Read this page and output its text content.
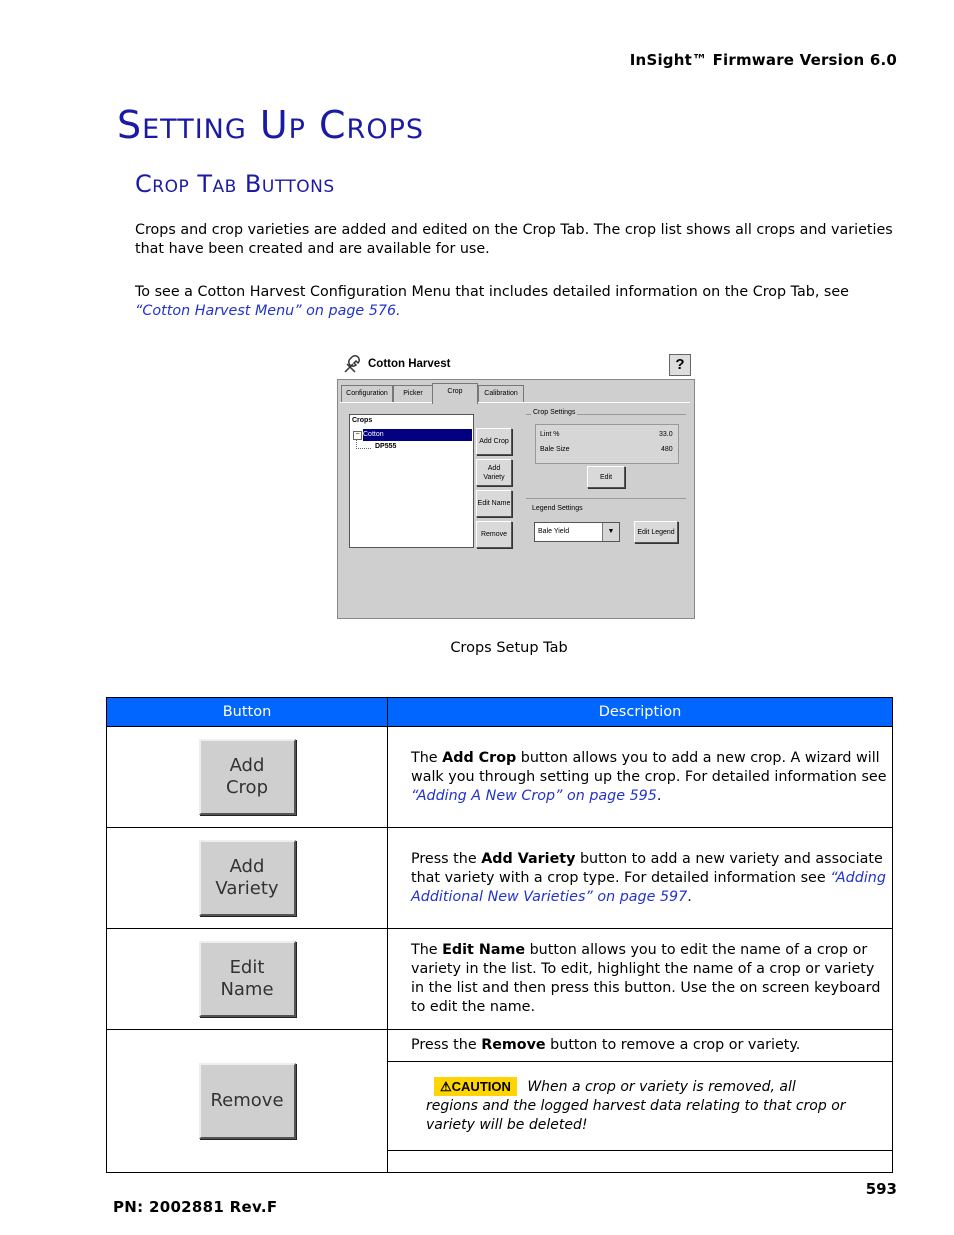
InSight™ Firmware Version 6.0
Setting Up Crops
Crop Tab Buttons
Crops and crop varieties are added and edited on the Crop Tab. The crop list shows all crops and varieties that have been created and are available for use.
To see a Cotton Harvest Configuration Menu that includes detailed information on the Crop Tab, see
“Cotton Harvest Menu” on page 576.
Cotton Harvest	?
Configuration	Picker	Crop	Calibration
Crops
Cotton
−
DP555
Add Crop
Add Variety
Edit Name
Remove
Crop Settings
Lint %	33.0
Bale Size	480
Edit
Legend Settings
Bale Yield	▼	Edit Legend
Crops Setup Tab
Button	Description
Add
Crop	The Add Crop button allows you to add a new crop. A wizard will walk you through setting up the crop. For detailed information see “Adding A New Crop” on page 595.
Add
Variety	Press the Add Variety button to add a new variety and associate that variety with a crop type. For detailed information see “Adding Additional New Varieties” on page 597.
Edit
Name	The Edit Name button allows you to edit the name of a crop or variety in the list. To edit, highlight the name of a crop or variety in the list and then press this button. Use the on screen keyboard to edit the name.
Remove	Press the Remove button to remove a crop or variety.
	⚠CAUTION When a crop or variety is removed, all regions and the logged harvest data relating to that crop or variety will be deleted!

593
PN: 2002881 Rev.F
